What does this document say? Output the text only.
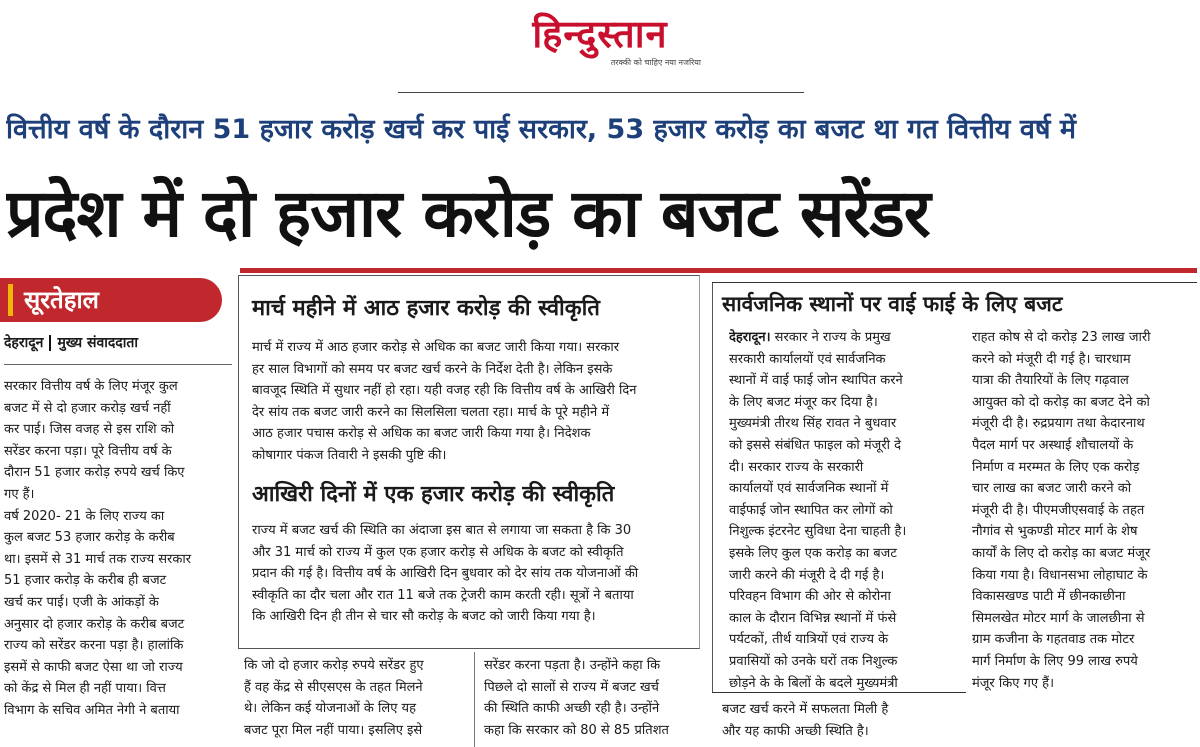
हिन्दुस्तान
तरक्की को चाहिए नया नजरिया
वित्तीय वर्ष के दौरान 51 हजार करोड़ खर्च कर पाई सरकार, 53 हजार करोड़ का बजट था गत वित्तीय वर्ष में
प्रदेश में दो हजार करोड़ का बजट सरेंडर
सूरतेहाल
देहरादून मुख्य संवाददाता
सरकार वित्तीय वर्ष के लिए मंजूर कुल
बजट में से दो हजार करोड़ खर्च नहीं
कर पाई। जिस वजह से इस राशि को
सरेंडर करना पड़ा। पूरे वित्तीय वर्ष के
दौरान 51 हजार करोड़ रुपये खर्च किए
गए हैं।
वर्ष 2020- 21 के लिए राज्य का
कुल बजट 53 हजार करोड़ के करीब
था। इसमें से 31 मार्च तक राज्य सरकार
51 हजार करोड़ के करीब ही बजट
खर्च कर पाई। एजी के आंकड़ों के
अनुसार दो हजार करोड़ के करीब बजट
राज्य को सरेंडर करना पड़ा है। हालांकि
इसमें से काफी बजट ऐसा था जो राज्य
को केंद्र से मिल ही नहीं पाया। वित्त
विभाग के सचिव अमित नेगी ने बताया
मार्च महीने में आठ हजार करोड़ की स्वीकृति
मार्च में राज्य में आठ हजार करोड़ से अधिक का बजट जारी किया गया। सरकार
हर साल विभागों को समय पर बजट खर्च करने के निर्देश देती है। लेकिन इसके
बावजूद स्थिति में सुधार नहीं हो रहा। यही वजह रही कि वित्तीय वर्ष के आखिरी दिन
देर सांय तक बजट जारी करने का सिलसिला चलता रहा। मार्च के पूरे महीने में
आठ हजार पचास करोड़ से अधिक का बजट जारी किया गया है। निदेशक
कोषागार पंकज तिवारी ने इसकी पुष्टि की।
आखिरी दिनों में एक हजार करोड़ की स्वीकृति
राज्य में बजट खर्च की स्थिति का अंदाजा इस बात से लगाया जा सकता है कि 30
और 31 मार्च को राज्य में कुल एक हजार करोड़ से अधिक के बजट को स्वीकृति
प्रदान की गई है। वित्तीय वर्ष के आखिरी दिन बुधवार को देर सांय तक योजनाओं की
स्वीकृति का दौर चला और रात 11 बजे तक ट्रेजरी काम करती रही। सूत्रों ने बताया
कि आखिरी दिन ही तीन से चार सौ करोड़ के बजट को जारी किया गया है।
कि जो दो हजार करोड़ रुपये सरेंडर हुए
हैं वह केंद्र से सीएसएस के तहत मिलने
थे। लेकिन कई योजनाओं के लिए यह
बजट पूरा मिल नहीं पाया। इसलिए इसे
सरेंडर करना पड़ता है। उन्होंने कहा कि
पिछले दो सालों से राज्य में बजट खर्च
की स्थिति काफी अच्छी रही है। उन्होंने
कहा कि सरकार को 80 से 85 प्रतिशत
सार्वजनिक स्थानों पर वाई फाई के लिए बजट
देहरादून। सरकार ने राज्य के प्रमुख
सरकारी कार्यालयों एवं सार्वजनिक
स्थानों में वाई फाई जोन स्थापित करने
के लिए बजट मंजूर कर दिया है।
मुख्यमंत्री तीरथ सिंह रावत ने बुधवार
को इससे संबंधित फाइल को मंजूरी दे
दी। सरकार राज्य के सरकारी
कार्यालयों एवं सार्वजनिक स्थानों में
वाईफाई जोन स्थापित कर लोगों को
निशुल्क इंटरनेट सुविधा देना चाहती है।
इसके लिए कुल एक करोड़ का बजट
जारी करने की मंजूरी दे दी गई है।
परिवहन विभाग की ओर से कोरोना
काल के दौरान विभिन्न स्थानों में फंसे
पर्यटकों, तीर्थ यात्रियों एवं राज्य के
प्रवासियों को उनके घरों तक निशुल्क
छोड़ने के के बिलों के बदले मुख्यमंत्री
राहत कोष से दो करोड़ 23 लाख जारी
करने को मंजूरी दी गई है। चारधाम
यात्रा की तैयारियों के लिए गढ़वाल
आयुक्त को दो करोड़ का बजट देने को
मंजूरी दी है। रुद्रप्रयाग तथा केदारनाथ
पैदल मार्ग पर अस्थाई शौचालयों के
निर्माण व मरम्मत के लिए एक करोड़
चार लाख का बजट जारी करने को
मंजूरी दी है। पीएमजीएसवाई के तहत
नौगांव से भुकण्डी मोटर मार्ग के शेष
कार्यों के लिए दो करोड़ का बजट मंजूर
किया गया है। विधानसभा लोहाघाट के
विकासखण्ड पाटी में छीनकाछीना
सिमलखेत मोटर मार्ग के जालछीना से
ग्राम कजीना के गहतवाड तक मोटर
मार्ग निर्माण के लिए 99 लाख रुपये
मंजूर किए गए हैं।
बजट खर्च करने में सफलता मिली है
और यह काफी अच्छी स्थिति है।
